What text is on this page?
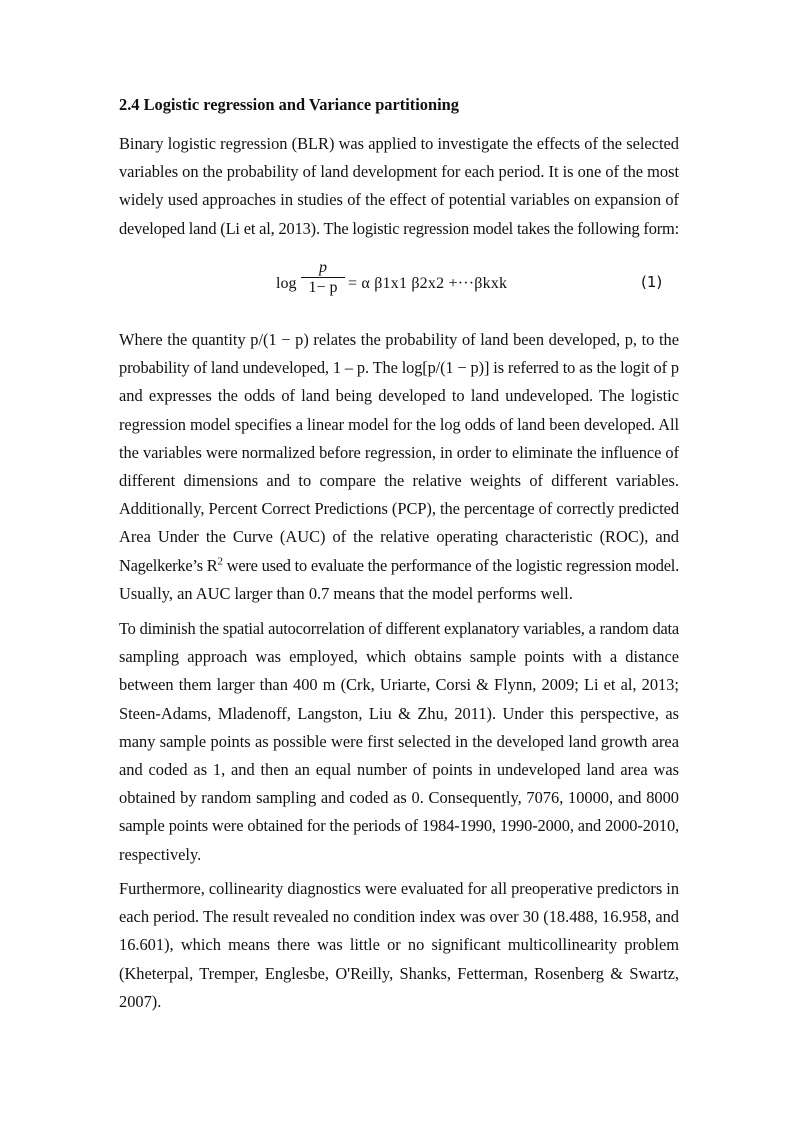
2.4 Logistic regression and Variance partitioning

Binary logistic regression (BLR) was applied to investigate the effects of the selected
variables on the probability of land development for each period. It is one of the most
widely used approaches in studies of the effect of potential variables on expansion of
developed land (Li et al, 2013). The logistic regression model takes the following form:

log
p
1− p = α β1x1 β2x2 +···βkxk	(1)

Where the quantity p/(1 − p) relates the probability of land been developed, p, to the
probability of land undeveloped, 1 – p. The log[p/(1 − p)] is referred to as the logit of p
and expresses the odds of land being developed to land undeveloped. The logistic
regression model specifies a linear model for the log odds of land been developed. All
the variables were normalized before regression, in order to eliminate the influence of
different dimensions and to compare the relative weights of different variables.
Additionally, Percent Correct Predictions (PCP), the percentage of correctly predicted
Area Under the Curve (AUC) of the relative operating characteristic (ROC), and
Nagelkerke’s $R^2$ were used to evaluate the performance of the logistic regression model.
Usually, an AUC larger than 0.7 means that the model performs well.

To diminish the spatial autocorrelation of different explanatory variables, a random data
sampling approach was employed, which obtains sample points with a distance
between them larger than 400 m (Crk, Uriarte, Corsi & Flynn, 2009; Li et al, 2013;
Steen-Adams, Mladenoff, Langston, Liu & Zhu, 2011). Under this perspective, as
many sample points as possible were first selected in the developed land growth area
and coded as 1, and then an equal number of points in undeveloped land area was
obtained by random sampling and coded as 0. Consequently, 7076, 10000, and 8000
sample points were obtained for the periods of 1984-1990, 1990-2000, and 2000-2010,
respectively.

Furthermore, collinearity diagnostics were evaluated for all preoperative predictors in
each period. The result revealed no condition index was over 30 (18.488, 16.958, and
16.601), which means there was little or no significant multicollinearity problem
(Kheterpal, Tremper, Englesbe, O'Reilly, Shanks, Fetterman, Rosenberg & Swartz,
2007).
